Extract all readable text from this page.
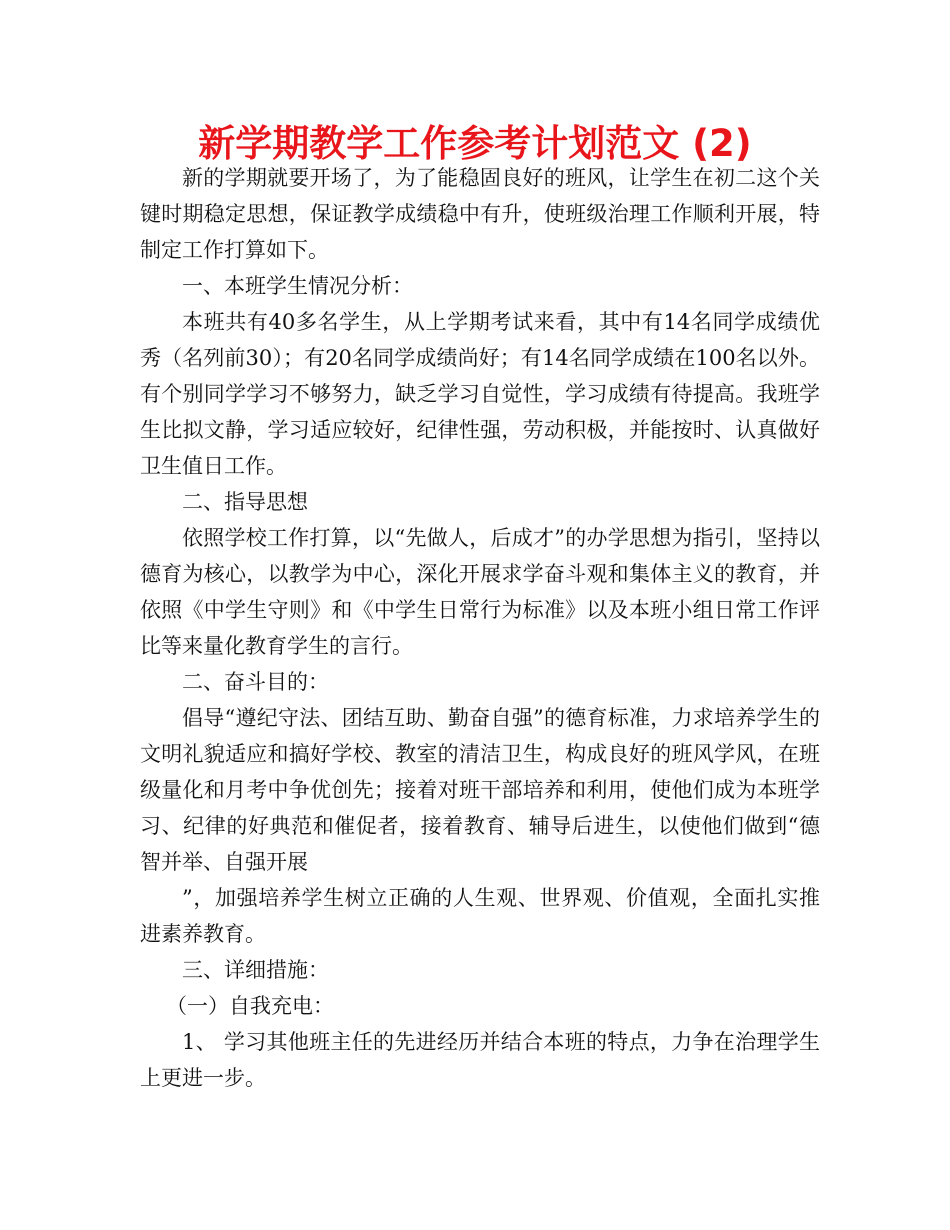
新学期教学工作参考计划范文 (2)

新的学期就要开场了，为了能稳固良好的班风，让学生在初二这个关键时期稳定思想，保证教学成绩稳中有升，使班级治理工作顺利开展，特制定工作打算如下。

一、本班学生情况分析：

本班共有40多名学生，从上学期考试来看，其中有14名同学成绩优秀（名列前30）；有20名同学成绩尚好；有14名同学成绩在100名以外。有个别同学学习不够努力，缺乏学习自觉性，学习成绩有待提高。我班学生比拟文静，学习适应较好，纪律性强，劳动积极，并能按时、认真做好卫生值日工作。

二、指导思想

依照学校工作打算，以“先做人，后成才”的办学思想为指引，坚持以德育为核心，以教学为中心，深化开展求学奋斗观和集体主义的教育，并依照《中学生守则》和《中学生日常行为标准》以及本班小组日常工作评比等来量化教育学生的言行。

二、奋斗目的：

倡导“遵纪守法、团结互助、勤奋自强”的德育标准，力求培养学生的文明礼貌适应和搞好学校、教室的清洁卫生，构成良好的班风学风，在班级量化和月考中争优创先；接着对班干部培养和利用，使他们成为本班学习、纪律的好典范和催促者，接着教育、辅导后进生，以使他们做到“德智并举、自强开展

”，加强培养学生树立正确的人生观、世界观、价值观，全面扎实推进素养教育。

三、详细措施：

（一）自我充电：

1、 学习其他班主任的先进经历并结合本班的特点，力争在治理学生上更进一步。
